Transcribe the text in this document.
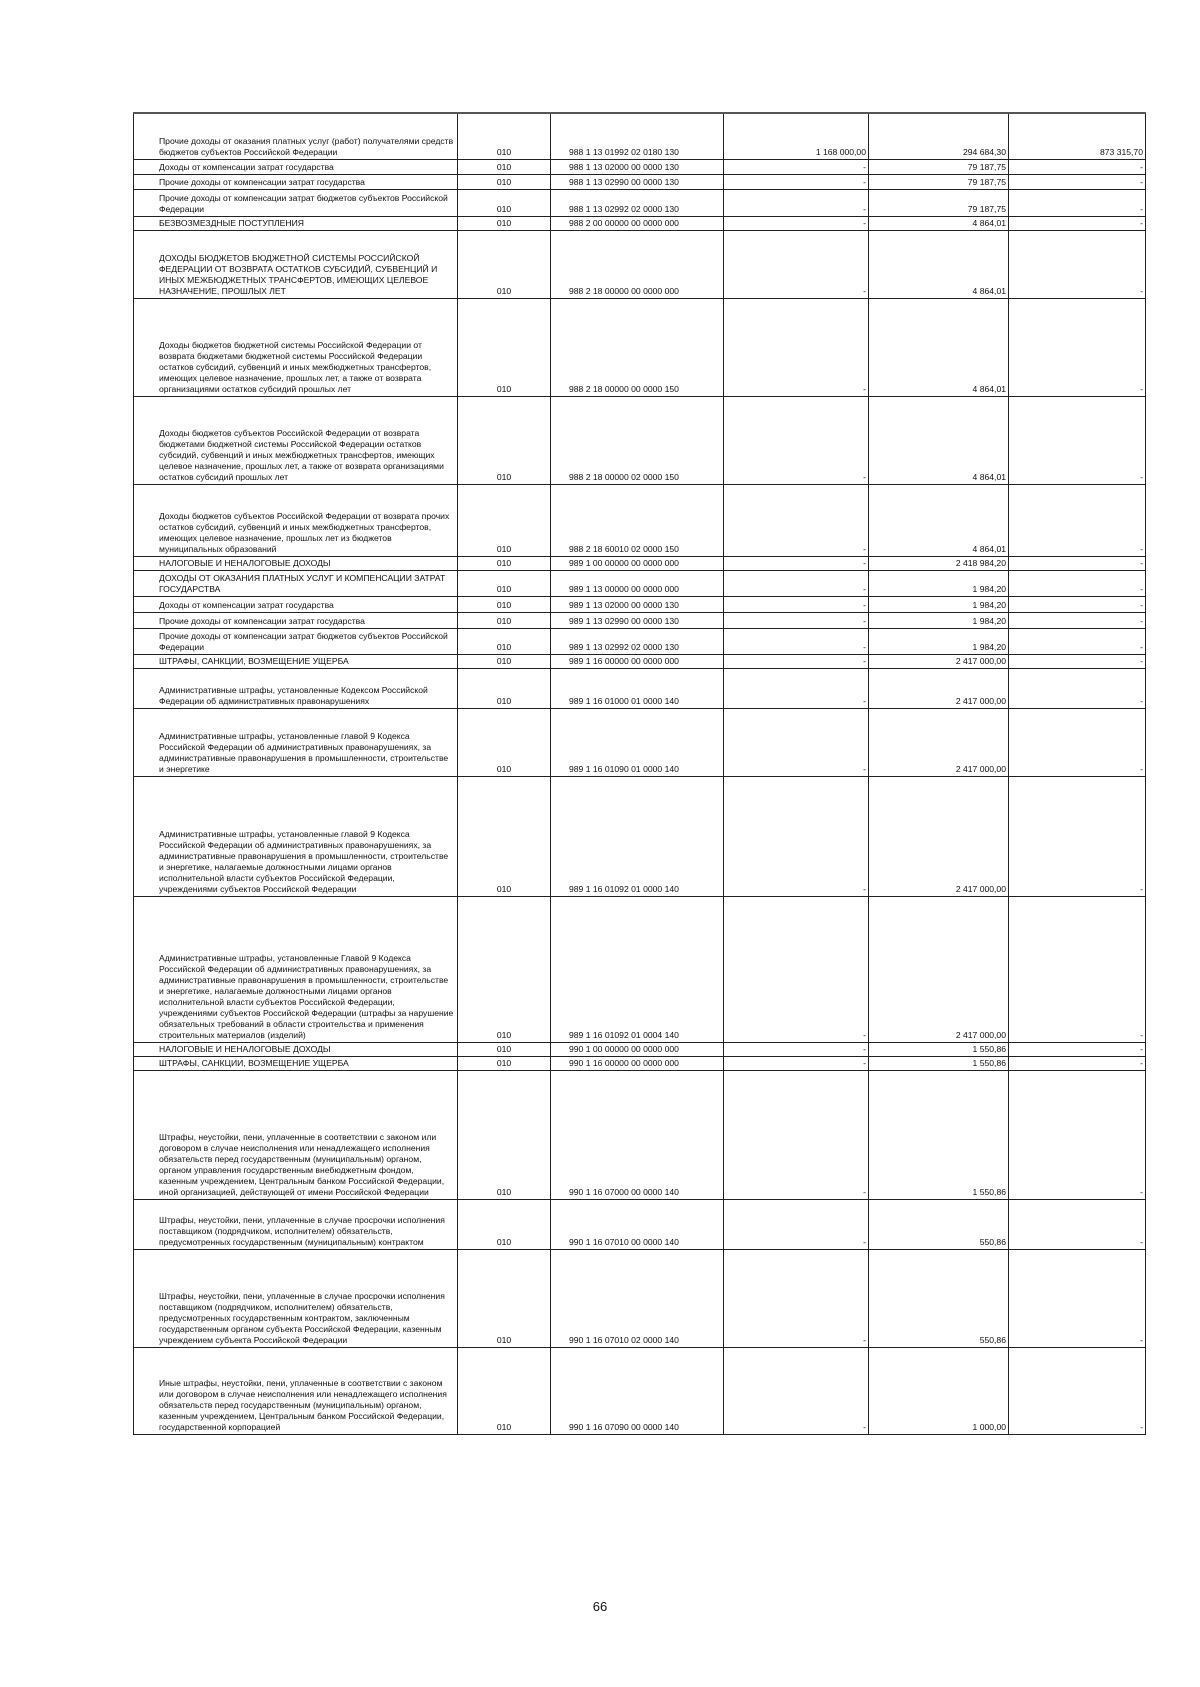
Прочие доходы от оказания платных услуг (работ) получателями средств бюджетов субъектов Российской Федерации	010	988 1 13 01992 02 0180 130	1 168 000,00	294 684,30	873 315,70
Доходы от компенсации затрат государства	010	988 1 13 02000 00 0000 130	-	79 187,75	-
Прочие доходы от компенсации затрат государства	010	988 1 13 02990 00 0000 130	-	79 187,75	-
Прочие доходы от компенсации затрат бюджетов субъектов Российской Федерации	010	988 1 13 02992 02 0000 130	-	79 187,75	-
БЕЗВОЗМЕЗДНЫЕ ПОСТУПЛЕНИЯ	010	988 2 00 00000 00 0000 000	-	4 864,01	-
ДОХОДЫ БЮДЖЕТОВ БЮДЖЕТНОЙ СИСТЕМЫ РОССИЙСКОЙ ФЕДЕРАЦИИ ОТ ВОЗВРАТА ОСТАТКОВ СУБСИДИЙ, СУБВЕНЦИЙ И ИНЫХ МЕЖБЮДЖЕТНЫХ ТРАНСФЕРТОВ, ИМЕЮЩИХ ЦЕЛЕВОЕ НАЗНАЧЕНИЕ, ПРОШЛЫХ ЛЕТ	010	988 2 18 00000 00 0000 000	-	4 864,01	-
Доходы бюджетов бюджетной системы Российской Федерации от возврата бюджетами бюджетной системы Российской Федерации остатков субсидий, субвенций и иных межбюджетных трансфертов, имеющих целевое назначение, прошлых лет, а также от возврата организациями остатков субсидий прошлых лет	010	988 2 18 00000 00 0000 150	-	4 864,01	-
Доходы бюджетов субъектов Российской Федерации от возврата бюджетами бюджетной системы Российской Федерации остатков субсидий, субвенций и иных межбюджетных трансфертов, имеющих целевое назначение, прошлых лет, а также от возврата организациями остатков субсидий прошлых лет	010	988 2 18 00000 02 0000 150	-	4 864,01	-
Доходы бюджетов субъектов Российской Федерации от возврата прочих остатков субсидий, субвенций и иных межбюджетных трансфертов, имеющих целевое назначение, прошлых лет из бюджетов муниципальных образований	010	988 2 18 60010 02 0000 150	-	4 864,01	-
НАЛОГОВЫЕ И НЕНАЛОГОВЫЕ ДОХОДЫ	010	989 1 00 00000 00 0000 000	-	2 418 984,20	-
ДОХОДЫ ОТ ОКАЗАНИЯ ПЛАТНЫХ УСЛУГ И КОМПЕНСАЦИИ ЗАТРАТ ГОСУДАРСТВА	010	989 1 13 00000 00 0000 000	-	1 984,20	-
Доходы от компенсации затрат государства	010	989 1 13 02000 00 0000 130	-	1 984,20	-
Прочие доходы от компенсации затрат государства	010	989 1 13 02990 00 0000 130	-	1 984,20	-
Прочие доходы от компенсации затрат бюджетов субъектов Российской Федерации	010	989 1 13 02992 02 0000 130	-	1 984,20	-
ШТРАФЫ, САНКЦИИ, ВОЗМЕЩЕНИЕ УЩЕРБА	010	989 1 16 00000 00 0000 000	-	2 417 000,00	-
Административные штрафы, установленные Кодексом Российской Федерации об административных правонарушениях	010	989 1 16 01000 01 0000 140	-	2 417 000,00	-
Административные штрафы, установленные главой 9 Кодекса Российской Федерации об административных правонарушениях, за административные правонарушения в промышленности, строительстве и энергетике	010	989 1 16 01090 01 0000 140	-	2 417 000,00	-
Административные штрафы, установленные главой 9 Кодекса Российской Федерации об административных правонарушениях, за административные правонарушения в промышленности, строительстве и энергетике, налагаемые должностными лицами органов исполнительной власти субъектов Российской Федерации, учреждениями субъектов Российской Федерации	010	989 1 16 01092 01 0000 140	-	2 417 000,00	-
Административные штрафы, установленные Главой 9 Кодекса Российской Федерации об административных правонарушениях, за административные правонарушения в промышленности, строительстве и энергетике, налагаемые должностными лицами органов исполнительной власти субъектов Российской Федерации, учреждениями субъектов Российской Федерации (штрафы за нарушение обязательных требований в области строительства и применения строительных материалов (изделий)	010	989 1 16 01092 01 0004 140	-	2 417 000,00	-
НАЛОГОВЫЕ И НЕНАЛОГОВЫЕ ДОХОДЫ	010	990 1 00 00000 00 0000 000	-	1 550,86	-
ШТРАФЫ, САНКЦИИ, ВОЗМЕЩЕНИЕ УЩЕРБА	010	990 1 16 00000 00 0000 000	-	1 550,86	-
Штрафы, неустойки, пени, уплаченные в соответствии с законом или договором в случае неисполнения или ненадлежащего исполнения обязательств перед государственным (муниципальным) органом, органом управления государственным внебюджетным фондом, казенным учреждением, Центральным банком Российской Федерации, иной организацией, действующей от имени Российской Федерации	010	990 1 16 07000 00 0000 140	-	1 550,86	-
Штрафы, неустойки, пени, уплаченные в случае просрочки исполнения поставщиком (подрядчиком, исполнителем) обязательств, предусмотренных государственным (муниципальным) контрактом	010	990 1 16 07010 00 0000 140	-	550,86	-
Штрафы, неустойки, пени, уплаченные в случае просрочки исполнения поставщиком (подрядчиком, исполнителем) обязательств, предусмотренных государственным контрактом, заключенным государственным органом субъекта Российской Федерации, казенным учреждением субъекта Российской Федерации	010	990 1 16 07010 02 0000 140	-	550,86	-
Иные штрафы, неустойки, пени, уплаченные в соответствии с законом или договором в случае неисполнения или ненадлежащего исполнения обязательств перед государственным (муниципальным) органом, казенным учреждением, Центральным банком Российской Федерации, государственной корпорацией	010	990 1 16 07090 00 0000 140	-	1 000,00	-
66
